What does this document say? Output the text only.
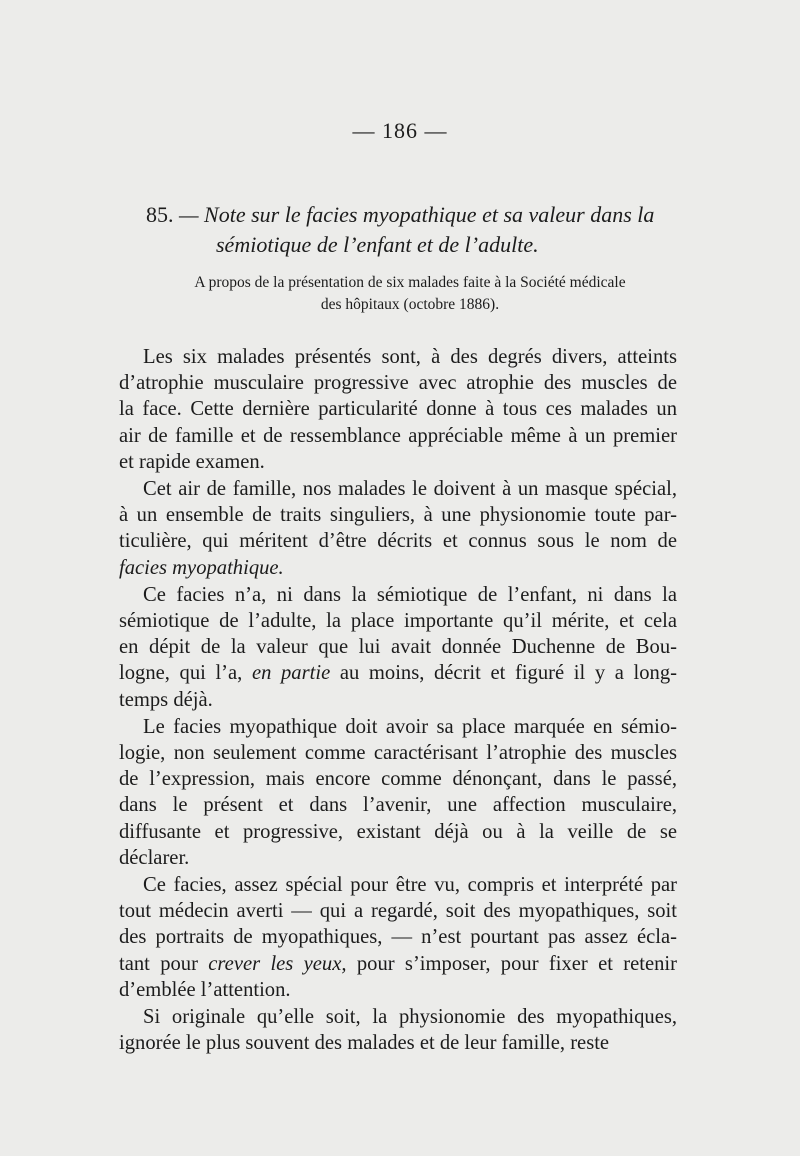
— 186 —
85. — Note sur le facies myopathique et sa valeur dans la
sémiotique de l’enfant et de l’adulte.
A propos de la présentation de six malades faite à la Société médicale
des hôpitaux (octobre 1886).

Les six malades présentés sont, à des degrés divers, atteints
d’atrophie musculaire progressive avec atrophie des muscles de
la face. Cette dernière particularité donne à tous ces malades un
air de famille et de ressemblance appréciable même à un premier
et rapide examen.

Cet air de famille, nos malades le doivent à un masque spécial,
à un ensemble de traits singuliers, à une physionomie toute par-
ticulière, qui méritent d’être décrits et connus sous le nom de
facies myopathique.

Ce facies n’a, ni dans la sémiotique de l’enfant, ni dans la
sémiotique de l’adulte, la place importante qu’il mérite, et cela
en dépit de la valeur que lui avait donnée Duchenne de Bou-
logne, qui l’a, en partie au moins, décrit et figuré il y a long-
temps déjà.

Le facies myopathique doit avoir sa place marquée en sémio-
logie, non seulement comme caractérisant l’atrophie des muscles
de l’expression, mais encore comme dénonçant, dans le passé,
dans le présent et dans l’avenir, une affection musculaire,
diffusante et progressive, existant déjà ou à la veille de se
déclarer.

Ce facies, assez spécial pour être vu, compris et interprété par
tout médecin averti — qui a regardé, soit des myopathiques, soit
des portraits de myopathiques, — n’est pourtant pas assez écla-
tant pour crever les yeux, pour s’imposer, pour fixer et retenir
d’emblée l’attention.

Si originale qu’elle soit, la physionomie des myopathiques,
ignorée le plus souvent des malades et de leur famille, reste
